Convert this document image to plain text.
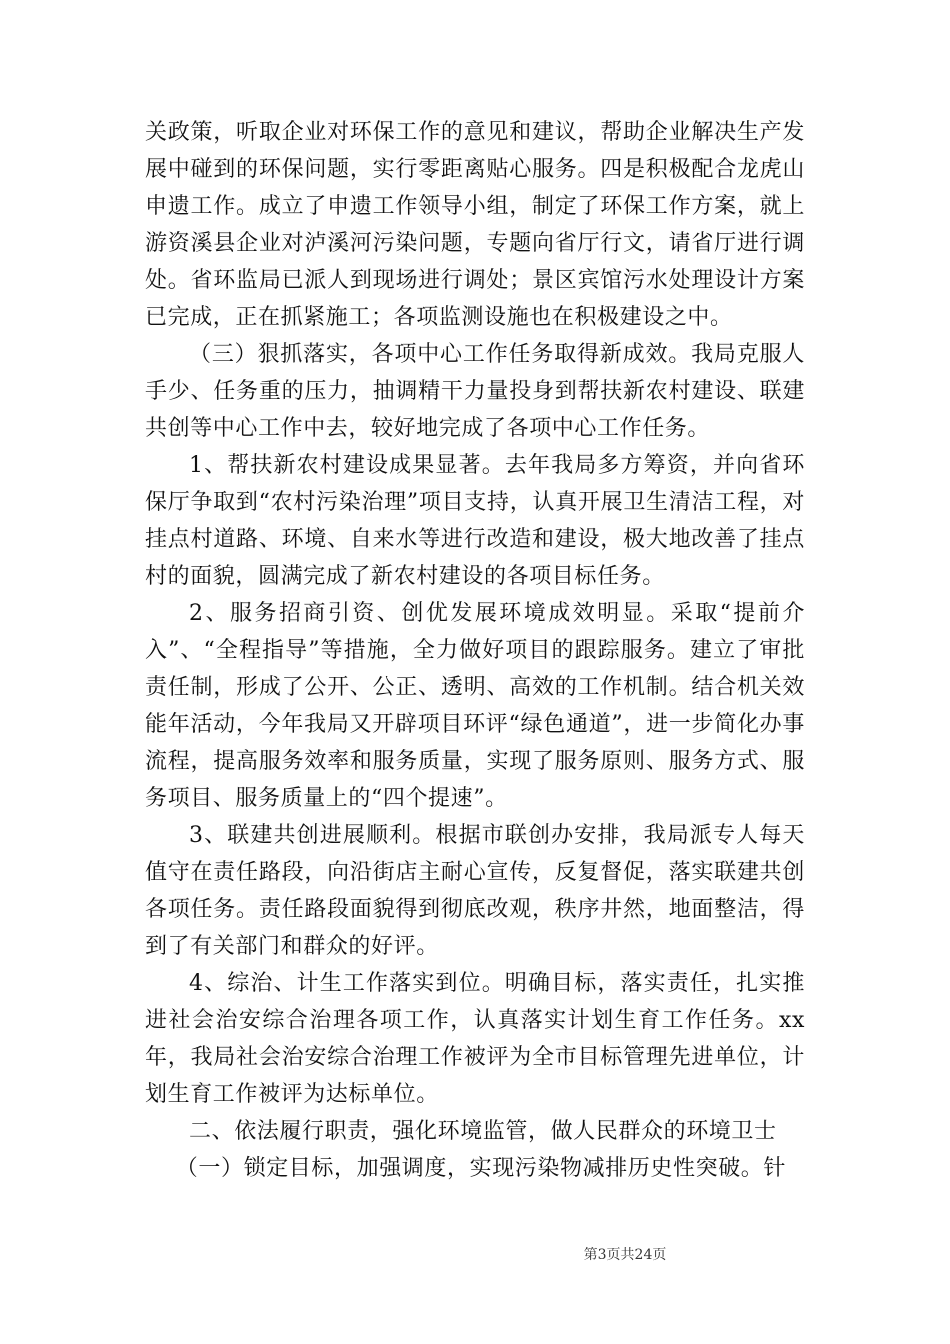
关政策，听取企业对环保工作的意见和建议，帮助企业解决生产发展中碰到的环保问题，实行零距离贴心服务。四是积极配合龙虎山申遗工作。成立了申遗工作领导小组，制定了环保工作方案，就上游资溪县企业对泸溪河污染问题，专题向省厅行文，请省厅进行调处。省环监局已派人到现场进行调处；景区宾馆污水处理设计方案已完成，正在抓紧施工；各项监测设施也在积极建设之中。

（三）狠抓落实，各项中心工作任务取得新成效。我局克服人手少、任务重的压力，抽调精干力量投身到帮扶新农村建设、联建共创等中心工作中去，较好地完成了各项中心工作任务。

1、帮扶新农村建设成果显著。去年我局多方筹资，并向省环保厅争取到“农村污染治理”项目支持，认真开展卫生清洁工程，对挂点村道路、环境、自来水等进行改造和建设，极大地改善了挂点村的面貌，圆满完成了新农村建设的各项目标任务。

2、服务招商引资、创优发展环境成效明显。采取“提前介入”、“全程指导”等措施，全力做好项目的跟踪服务。建立了审批责任制，形成了公开、公正、透明、高效的工作机制。结合机关效能年活动，今年我局又开辟项目环评“绿色通道”，进一步简化办事流程，提高服务效率和服务质量，实现了服务原则、服务方式、服务项目、服务质量上的“四个提速”。

3、联建共创进展顺利。根据市联创办安排，我局派专人每天值守在责任路段，向沿街店主耐心宣传，反复督促，落实联建共创各项任务。责任路段面貌得到彻底改观，秩序井然，地面整洁，得到了有关部门和群众的好评。

4、综治、计生工作落实到位。明确目标，落实责任，扎实推进社会治安综合治理各项工作，认真落实计划生育工作任务。xx年，我局社会治安综合治理工作被评为全市目标管理先进单位，计划生育工作被评为达标单位。

二、依法履行职责，强化环境监管，做人民群众的环境卫士

（一）锁定目标，加强调度，实现污染物减排历史性突破。针

第3页共24页
